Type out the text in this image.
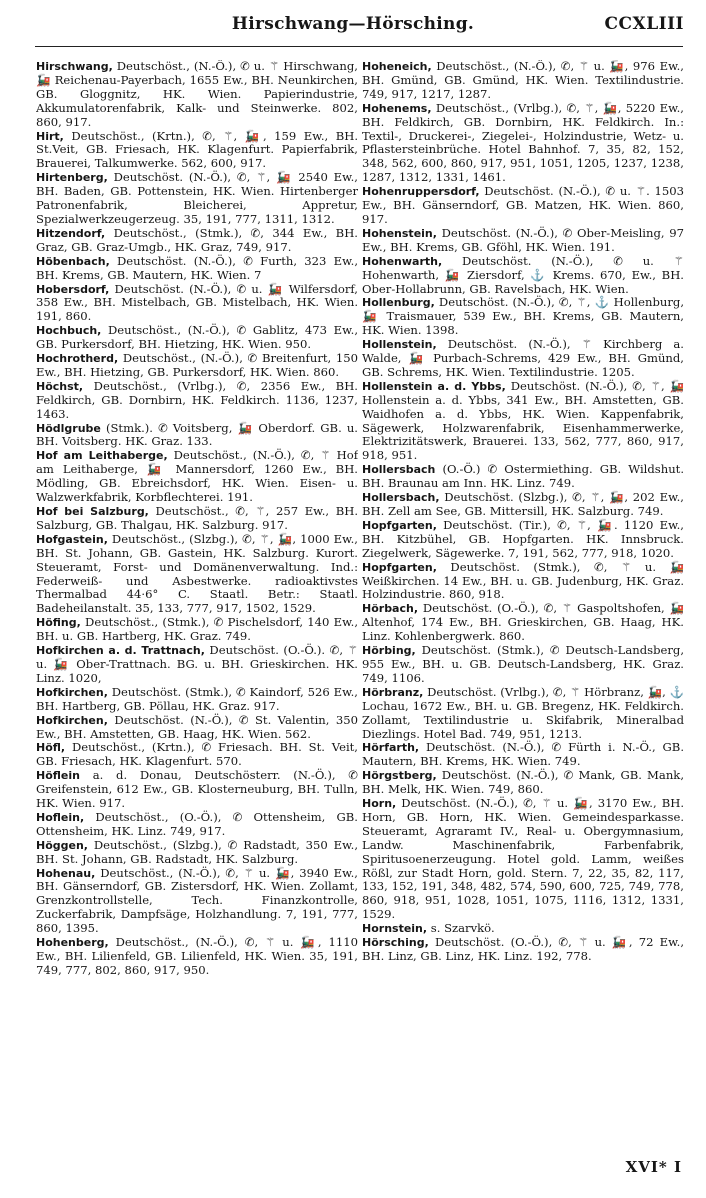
Hirschwang—Hörsching.	CCXLIII

Hirschwang, Deutschöst., (N.-Ö.), ✆ u. ⚚ Hirschwang, 🚂 Reichenau-Payerbach, 1655 Ew., BH. Neunkirchen, GB. Gloggnitz, HK. Wien. Papierindustrie, Akkumulatorenfabrik, Kalk- und Steinwerke. 802, 860, 917.

Hirt, Deutschöst., (Krtn.), ✆, ⚚, 🚂, 159 Ew., BH. St.Veit, GB. Friesach, HK. Klagenfurt. Papierfabrik, Brauerei, Talkumwerke. 562, 600, 917.

Hirtenberg, Deutschöst. (N.-Ö.), ✆, ⚚, 🚂 2540 Ew., BH. Baden, GB. Pottenstein, HK. Wien. Hirtenberger Patronenfabrik, Bleicherei, Appretur, Spezialwerkzeugerzeug. 35, 191, 777, 1311, 1312.

Hitzendorf, Deutschöst., (Stmk.), ✆, 344 Ew., BH. Graz, GB. Graz-Umgb., HK. Graz, 749, 917.

Höbenbach, Deutschöst. (N.-Ö.), ✆ Furth, 323 Ew., BH. Krems, GB. Mautern, HK. Wien. 7

Hobersdorf, Deutschöst. (N.-Ö.), ✆ u. 🚂 Wilfersdorf, 358 Ew., BH. Mistelbach, GB. Mistelbach, HK. Wien. 191, 860.

Hochbuch, Deutschöst., (N.-Ö.), ✆ Gablitz, 473 Ew., GB. Purkersdorf, BH. Hietzing, HK. Wien. 950.

Hochrotherd, Deutschöst., (N.-Ö.), ✆ Breitenfurt, 150 Ew., BH. Hietzing, GB. Purkersdorf, HK. Wien. 860.

Höchst, Deutschöst., (Vrlbg.), ✆, 2356 Ew., BH. Feldkirch, GB. Dornbirn, HK. Feldkirch. 1136, 1237, 1463.

Hödlgrube (Stmk.). ✆ Voitsberg, 🚂 Oberdorf. GB. u. BH. Voitsberg. HK. Graz. 133.

Hof am Leithaberge, Deutschöst., (N.-Ö.), ✆, ⚚ Hof am Leithaberge, 🚂 Mannersdorf, 1260 Ew., BH. Mödling, GB. Ebreichsdorf, HK. Wien. Eisen- u. Walzwerkfabrik, Korbflechterei. 191.

Hof bei Salzburg, Deutschöst., ✆, ⚚, 257 Ew., BH. Salzburg, GB. Thalgau, HK. Salzburg. 917.

Hofgastein, Deutschöst., (Slzbg.), ✆, ⚚, 🚂, 1000 Ew., BH. St. Johann, GB. Gastein, HK. Salzburg. Kurort. Steueramt, Forst- und Domänenverwaltung. Ind.: Federweiß- und Asbestwerke. radioaktivstes Thermalbad 44·6° C. Staatl. Betr.: Staatl. Badeheilanstalt. 35, 133, 777, 917, 1502, 1529.

Höfing, Deutschöst., (Stmk.), ✆ Pischelsdorf, 140 Ew., BH. u. GB. Hartberg, HK. Graz. 749.

Hofkirchen a. d. Trattnach, Deutschöst. (O.-Ö.). ✆, ⚚ u. 🚂 Ober-Trattnach. BG. u. BH. Grieskirchen. HK. Linz. 1020,

Hofkirchen, Deutschöst. (Stmk.), ✆ Kaindorf, 526 Ew., BH. Hartberg, GB. Pöllau, HK. Graz. 917.

Hofkirchen, Deutschöst. (N.-Ö.), ✆ St. Valentin, 350 Ew., BH. Amstetten, GB. Haag, HK. Wien. 562.

Höfl, Deutschöst., (Krtn.), ✆ Friesach. BH. St. Veit, GB. Friesach, HK. Klagenfurt. 570.

Höflein a. d. Donau, Deutschösterr. (N.-Ö.), ✆ Greifenstein, 612 Ew., GB. Klosterneuburg, BH. Tulln, HK. Wien. 917.

Hoflein, Deutschöst., (O.-Ö.), ✆ Ottensheim, GB. Ottensheim, HK. Linz. 749, 917.

Höggen, Deutschöst., (Slzbg.), ✆ Radstadt, 350 Ew., BH. St. Johann, GB. Radstadt, HK. Salzburg.

Hohenau, Deutschöst., (N.-Ö.), ✆, ⚚ u. 🚂, 3940 Ew., BH. Gänserndorf, GB. Zistersdorf, HK. Wien. Zollamt, Grenzkontrollstelle, Tech. Finanzkontrolle, Zuckerfabrik, Dampfsäge, Holzhandlung. 7, 191, 777, 860, 1395.

Hohenberg, Deutschöst., (N.-Ö.), ✆, ⚚ u. 🚂, 1110 Ew., BH. Lilienfeld, GB. Lilienfeld, HK. Wien. 35, 191, 749, 777, 802, 860, 917, 950.

Hoheneich, Deutschöst., (N.-Ö.), ✆, ⚚ u. 🚂, 976 Ew., BH. Gmünd, GB. Gmünd, HK. Wien. Textilindustrie. 749, 917, 1217, 1287.

Hohenems, Deutschöst., (Vrlbg.), ✆, ⚚, 🚂, 5220 Ew., BH. Feldkirch, GB. Dornbirn, HK. Feldkirch. In.: Textil-, Druckerei-, Ziegelei-, Holzindustrie, Wetz- u. Pflastersteinbrüche. Hotel Bahnhof. 7, 35, 82, 152, 348, 562, 600, 860, 917, 951, 1051, 1205, 1237, 1238, 1287, 1312, 1331, 1461.

Hohenruppersdorf, Deutschöst. (N.-Ö.), ✆ u. ⚚. 1503 Ew., BH. Gänserndorf, GB. Matzen, HK. Wien. 860, 917.

Hohenstein, Deutschöst. (N.-Ö.), ✆ Ober-Meisling, 97 Ew., BH. Krems, GB. Gföhl, HK. Wien. 191.

Hohenwarth, Deutschöst. (N.-Ö.), ✆ u. ⚚ Hohenwarth, 🚂 Ziersdorf, ⚓ Krems. 670, Ew., BH. Ober-Hollabrunn, GB. Ravelsbach, HK. Wien.

Hollenburg, Deutschöst. (N.-Ö.), ✆, ⚚, ⚓ Hollenburg, 🚂 Traismauer, 539 Ew., BH. Krems, GB. Mautern, HK. Wien. 1398.

Hollenstein, Deutschöst. (N.-Ö.), ⚚ Kirchberg a. Walde, 🚂 Purbach-Schrems, 429 Ew., BH. Gmünd, GB. Schrems, HK. Wien. Textilindustrie. 1205.

Hollenstein a. d. Ybbs, Deutschöst. (N.-Ö.), ✆, ⚚, 🚂 Hollenstein a. d. Ybbs, 341 Ew., BH. Amstetten, GB. Waidhofen a. d. Ybbs, HK. Wien. Kappenfabrik, Sägewerk, Holzwarenfabrik, Eisenhammerwerke, Elektrizitätswerk, Brauerei. 133, 562, 777, 860, 917, 918, 951.

Hollersbach (O.-Ö.) ✆ Ostermiething. GB. Wildshut. BH. Braunau am Inn. HK. Linz. 749.

Hollersbach, Deutschöst. (Slzbg.), ✆, ⚚, 🚂, 202 Ew., BH. Zell am See, GB. Mittersill, HK. Salzburg. 749.

Hopfgarten, Deutschöst. (Tir.), ✆, ⚚, 🚂. 1120 Ew., BH. Kitzbühel, GB. Hopfgarten. HK. Innsbruck. Ziegelwerk, Sägewerke. 7, 191, 562, 777, 918, 1020.

Hopfgarten, Deutschöst. (Stmk.), ✆, ⚚ u. 🚂 Weißkirchen. 14 Ew., BH. u. GB. Judenburg, HK. Graz. Holzindustrie. 860, 918.

Hörbach, Deutschöst. (O.-Ö.), ✆, ⚚ Gaspoltshofen, 🚂 Altenhof, 174 Ew., BH. Grieskirchen, GB. Haag, HK. Linz. Kohlenbergwerk. 860.

Hörbing, Deutschöst. (Stmk.), ✆ Deutsch-Landsberg, 955 Ew., BH. u. GB. Deutsch-Landsberg, HK. Graz. 749, 1106.

Hörbranz, Deutschöst. (Vrlbg.), ✆, ⚚ Hörbranz, 🚂, ⚓ Lochau, 1672 Ew., BH. u. GB. Bregenz, HK. Feldkirch. Zollamt, Textilindustrie u. Skifabrik, Mineralbad Diezlings. Hotel Bad. 749, 951, 1213.

Hörfarth, Deutschöst. (N.-Ö.), ✆ Fürth i. N.-Ö., GB. Mautern, BH. Krems, HK. Wien. 749.

Hörgstberg, Deutschöst. (N.-Ö.), ✆ Mank, GB. Mank, BH. Melk, HK. Wien. 749, 860.

Horn, Deutschöst. (N.-Ö.), ✆, ⚚ u. 🚂, 3170 Ew., BH. Horn, GB. Horn, HK. Wien. Gemeindesparkasse. Steueramt, Agraramt IV., Real- u. Obergymnasium, Landw. Maschinenfabrik, Farbenfabrik, Spiritusoenerzeugung. Hotel gold. Lamm, weißes Rößl, zur Stadt Horn, gold. Stern. 7, 22, 35, 82, 117, 133, 152, 191, 348, 482, 574, 590, 600, 725, 749, 778, 860, 918, 951, 1028, 1051, 1075, 1116, 1312, 1331, 1529.

Hornstein, s. Szarvkö.

Hörsching, Deutschöst. (O.-Ö.), ✆, ⚚ u. 🚂, 72 Ew., BH. Linz, GB. Linz, HK. Linz. 192, 778.

XVI* I
